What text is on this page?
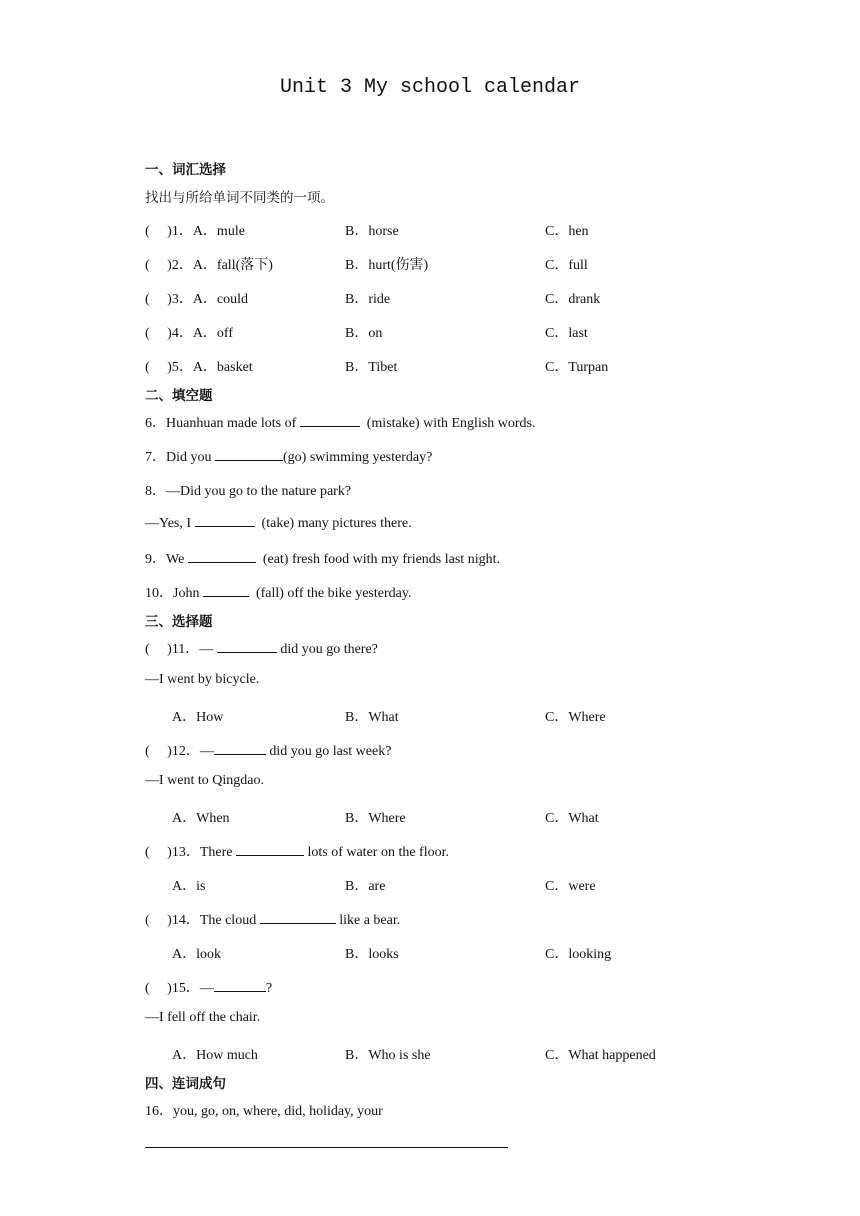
Unit 3 My school calendar
一、词汇选择
找出与所给单词不同类的一项。
(     )1．A．mule	B．horse	C．hen
(     )2．A．fall(落下)	B．hurt(伤害)	C．full
(     )3．A．could	B．ride	C．drank
(     )4．A．off	B．on	C．last
(     )5．A．basket	B．Tibet	C．Turpan
二、填空题
6．Huanhuan made lots of	(mistake) with English words.
7．Did you	(go) swimming yesterday?
8．—Did you go to the nature park?
—Yes, I	(take) many pictures there.
9．We	(eat) fresh food with my friends last night.
10．John	(fall) off the bike yesterday.
三、选择题
(     )11．—	did you go there?
—I went by bicycle.
A．How	B．What	C．Where
(     )12．—	did you go last week?
—I went to Qingdao.
A．When	B．Where	C．What
(     )13．There	lots of water on the floor.
A．is	B．are	C．were
(     )14．The cloud	like a bear.
A．look	B．looks	C．looking
(     )15．—	?
—I fell off the chair.
A．How much	B．Who is she	C．What happened
四、连词成句
16．you, go, on, where, did, holiday, your
